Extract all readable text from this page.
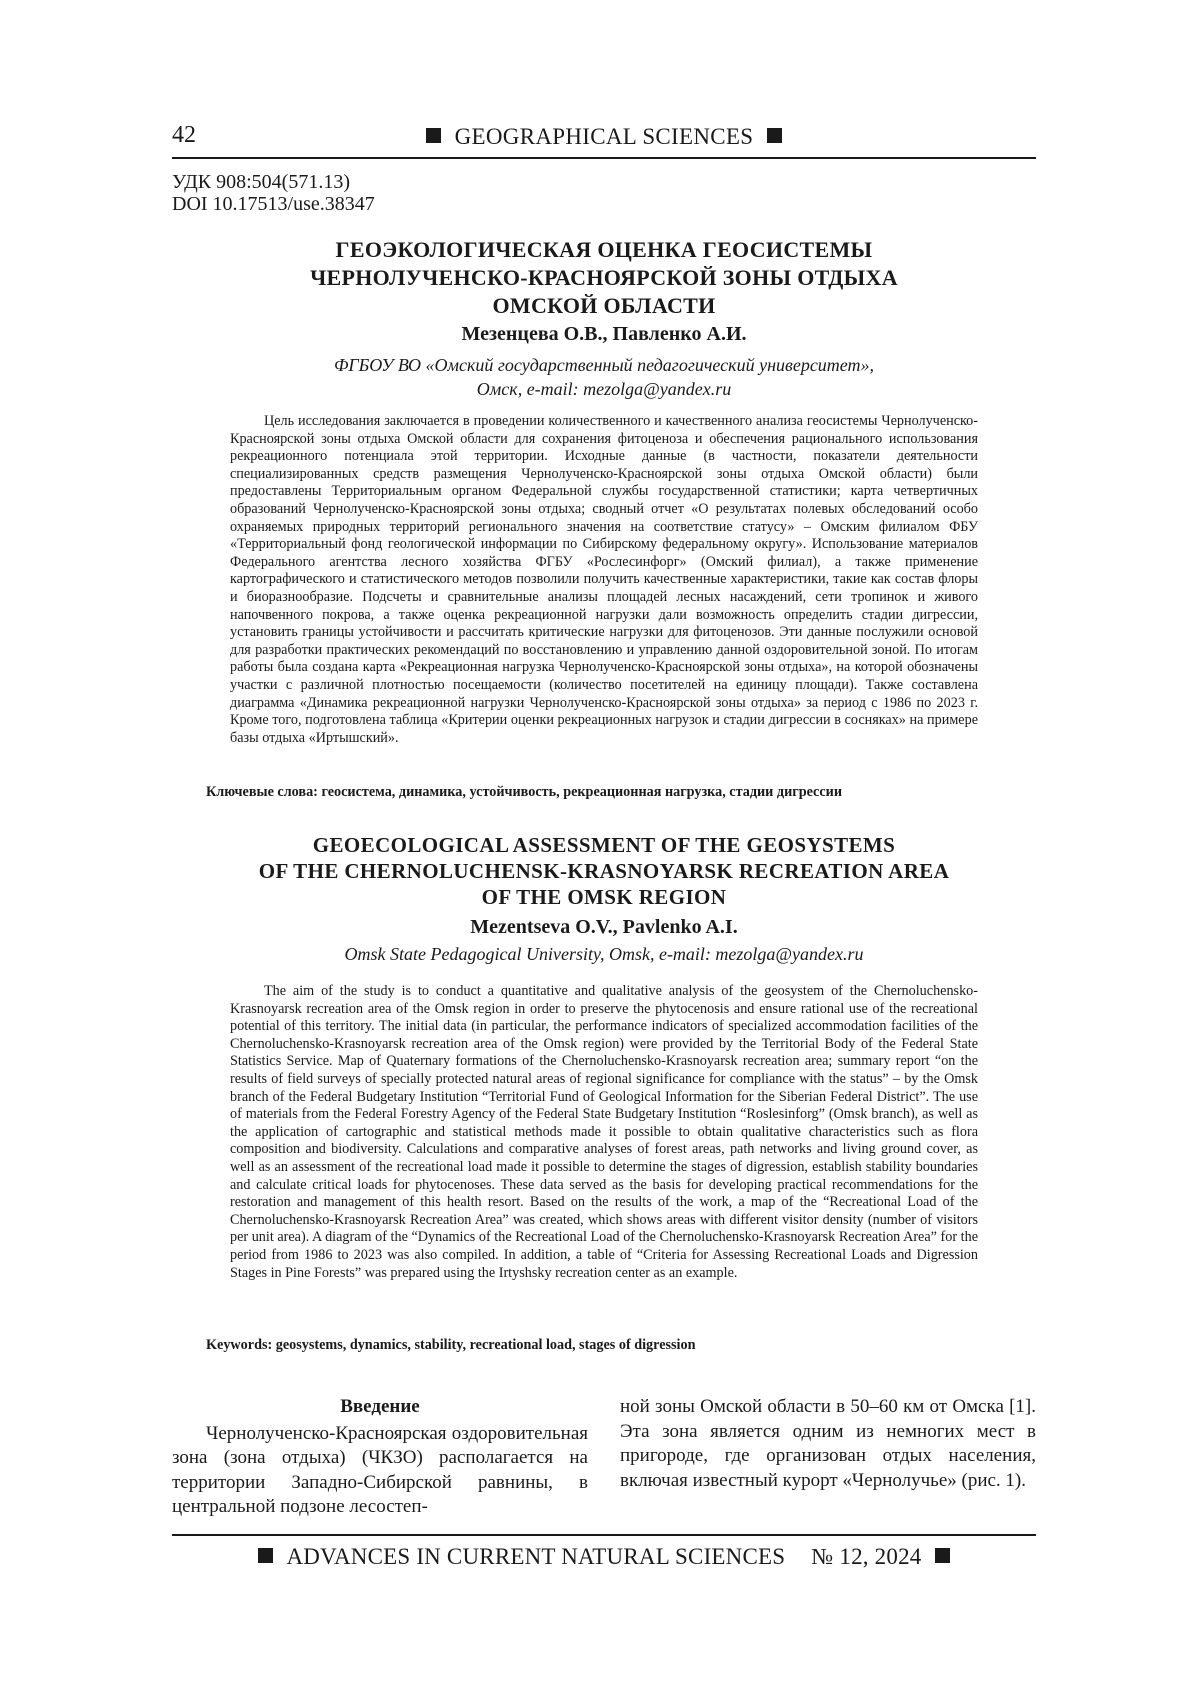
42	GEOGRAPHICAL SCIENCES
УДК 908:504(571.13)
DOI 10.17513/use.38347
ГЕОЭКОЛОГИЧЕСКАЯ ОЦЕНКА ГЕОСИСТЕМЫ
ЧЕРНОЛУЧЕНСКО-КРАСНОЯРСКОЙ ЗОНЫ ОТДЫХА
ОМСКОЙ ОБЛАСТИ
Мезенцева О.В., Павленко А.И.
ФГБОУ ВО «Омский государственный педагогический университет»,
Омск, e-mail: mezolga@yandex.ru

Цель исследования заключается в проведении количественного и качественного анализа геосистемы Чернолученско-Красноярской зоны отдыха Омской области для сохранения фитоценоза и обеспечения рационального использования рекреационного потенциала этой территории. Исходные данные (в частности, показатели деятельности специализированных средств размещения Чернолученско-Красноярской зоны отдыха Омской области) были предоставлены Территориальным органом Федеральной службы государственной статистики; карта четвертичных образований Чернолученско-Красноярской зоны отдыха; сводный отчет «О результатах полевых обследований особо охраняемых природных территорий регионального значения на соответствие статусу» – Омским филиалом ФБУ «Территориальный фонд геологической информации по Сибирскому федеральному округу». Использование материалов Федерального агентства лесного хозяйства ФГБУ «Рослесинфорг» (Омский филиал), а также применение картографического и статистического методов позволили получить качественные характеристики, такие как состав флоры и биоразнообразие. Подсчеты и сравнительные анализы площадей лесных насаждений, сети тропинок и живого напочвенного покрова, а также оценка рекреационной нагрузки дали возможность определить стадии дигрессии, установить границы устойчивости и рассчитать критические нагрузки для фитоценозов. Эти данные послужили основой для разработки практических рекомендаций по восстановлению и управлению данной оздоровительной зоной. По итогам работы была создана карта «Рекреационная нагрузка Чернолученско-Красноярской зоны отдыха», на которой обозначены участки с различной плотностью посещаемости (количество посетителей на единицу площади). Также составлена диаграмма «Динамика рекреационной нагрузки Чернолученско-Красноярской зоны отдыха» за период с 1986 по 2023 г. Кроме того, подготовлена таблица «Критерии оценки рекреационных нагрузок и стадии дигрессии в сосняках» на примере базы отдыха «Иртышский».

Ключевые слова: геосистема, динамика, устойчивость, рекреационная нагрузка, стадии дигрессии
GEOECOLOGICAL ASSESSMENT OF THE GEOSYSTEMS
OF THE CHERNOLUCHENSK-KRASNOYARSK RECREATION AREA
OF THE OMSK REGION
Mezentseva O.V., Pavlenko A.I.
Omsk State Pedagogical University, Omsk, e-mail: mezolga@yandex.ru

The aim of the study is to conduct a quantitative and qualitative analysis of the geosystem of the Chernoluchensko-Krasnoyarsk recreation area of the Omsk region in order to preserve the phytocenosis and ensure rational use of the recreational potential of this territory. The initial data (in particular, the performance indicators of specialized accommodation facilities of the Chernoluchensko-Krasnoyarsk recreation area of the Omsk region) were provided by the Territorial Body of the Federal State Statistics Service. Map of Quaternary formations of the Chernoluchensko-Krasnoyarsk recreation area; summary report “on the results of field surveys of specially protected natural areas of regional significance for compliance with the status” – by the Omsk branch of the Federal Budgetary Institution “Territorial Fund of Geological Information for the Siberian Federal District”. The use of materials from the Federal Forestry Agency of the Federal State Budgetary Institution “Roslesinforg” (Omsk branch), as well as the application of cartographic and statistical methods made it possible to obtain qualitative characteristics such as flora composition and biodiversity. Calculations and comparative analyses of forest areas, path networks and living ground cover, as well as an assessment of the recreational load made it possible to determine the stages of digression, establish stability boundaries and calculate critical loads for phytocenoses. These data served as the basis for developing practical recommendations for the restoration and management of this health resort. Based on the results of the work, a map of the “Recreational Load of the Chernoluchensko-Krasnoyarsk Recreation Area” was created, which shows areas with different visitor density (number of visitors per unit area). A diagram of the “Dynamics of the Recreational Load of the Chernoluchensko-Krasnoyarsk Recreation Area” for the period from 1986 to 2023 was also compiled. In addition, a table of “Criteria for Assessing Recreational Loads and Digression Stages in Pine Forests” was prepared using the Irtyshsky recreation center as an example.

Keywords: geosystems, dynamics, stability, recreational load, stages of digression
Введение

Чернолученско-Красноярская оздоровительная зона (зона отдыха) (ЧКЗО) располагается на территории Западно-Сибирской равнины, в центральной подзоне лесостеп-

ной зоны Омской области в 50–60 км от Омска [1]. Эта зона является одним из немногих мест в пригороде, где организован отдых населения, включая известный курорт «Чернолучье» (рис. 1).

ADVANCES IN CURRENT NATURAL SCIENCES № 12, 2024
